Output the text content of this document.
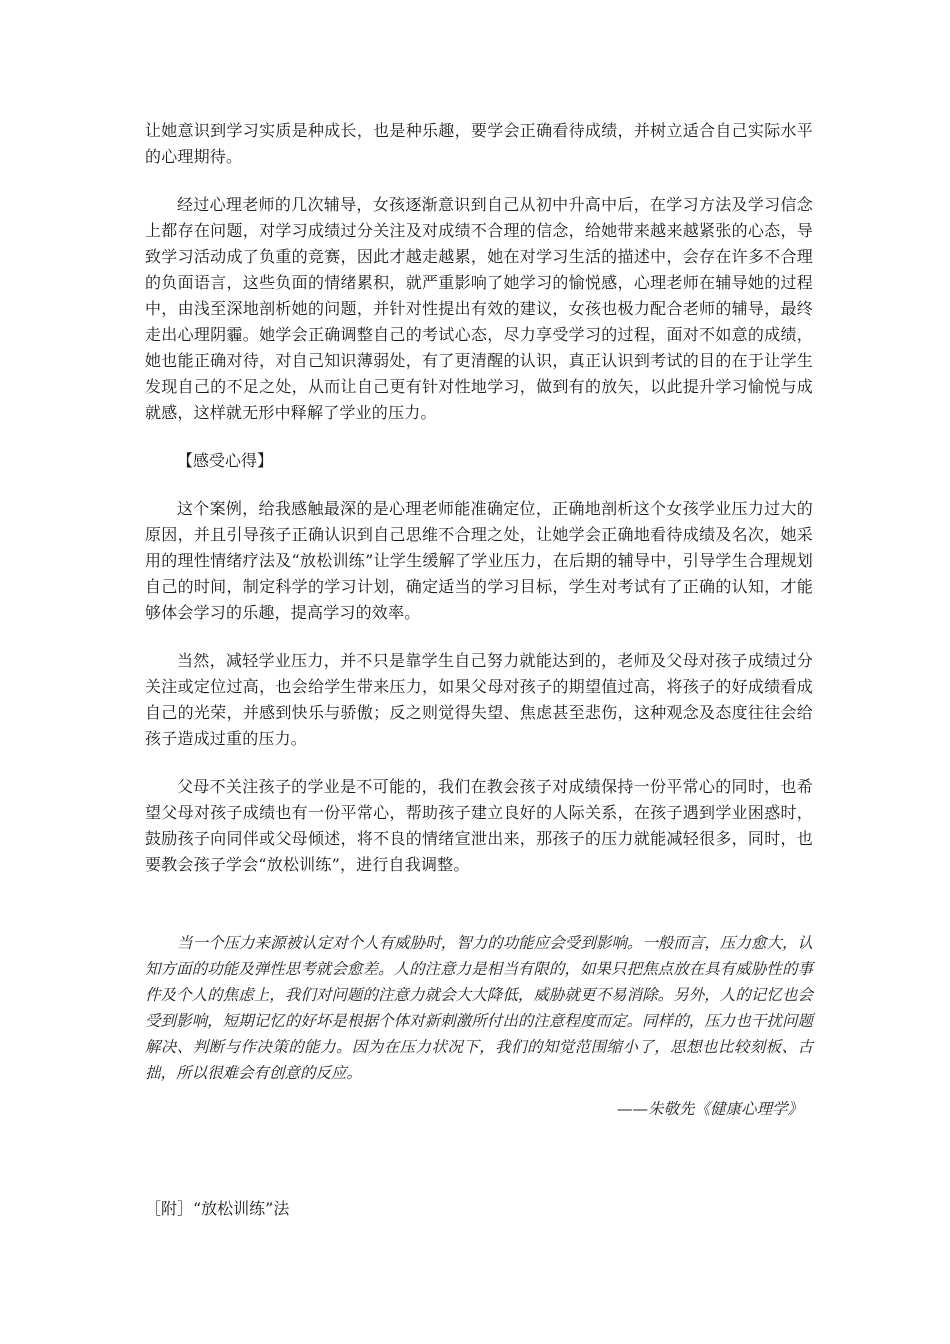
让她意识到学习实质是种成长，也是种乐趣，要学会正确看待成绩，并树立适合自己实际水平的心理期待。

经过心理老师的几次辅导，女孩逐渐意识到自己从初中升高中后，在学习方法及学习信念上都存在问题，对学习成绩过分关注及对成绩不合理的信念，给她带来越来越紧张的心态，导致学习活动成了负重的竞赛，因此才越走越累，她在对学习生活的描述中，会存在许多不合理的负面语言，这些负面的情绪累积，就严重影响了她学习的愉悦感，心理老师在辅导她的过程中，由浅至深地剖析她的问题，并针对性提出有效的建议，女孩也极力配合老师的辅导，最终走出心理阴霾。她学会正确调整自己的考试心态，尽力享受学习的过程，面对不如意的成绩，她也能正确对待，对自己知识薄弱处，有了更清醒的认识，真正认识到考试的目的在于让学生发现自己的不足之处，从而让自己更有针对性地学习，做到有的放矢，以此提升学习愉悦与成就感，这样就无形中释解了学业的压力。

【感受心得】

这个案例，给我感触最深的是心理老师能准确定位，正确地剖析这个女孩学业压力过大的原因，并且引导孩子正确认识到自己思维不合理之处，让她学会正确地看待成绩及名次，她采用的理性情绪疗法及“放松训练”让学生缓解了学业压力，在后期的辅导中，引导学生合理规划自己的时间，制定科学的学习计划，确定适当的学习目标，学生对考试有了正确的认知，才能够体会学习的乐趣，提高学习的效率。

当然，减轻学业压力，并不只是靠学生自己努力就能达到的，老师及父母对孩子成绩过分关注或定位过高，也会给学生带来压力，如果父母对孩子的期望值过高，将孩子的好成绩看成自己的光荣，并感到快乐与骄傲；反之则觉得失望、焦虑甚至悲伤，这种观念及态度往往会给孩子造成过重的压力。

父母不关注孩子的学业是不可能的，我们在教会孩子对成绩保持一份平常心的同时，也希望父母对孩子成绩也有一份平常心，帮助孩子建立良好的人际关系，在孩子遇到学业困惑时，鼓励孩子向同伴或父母倾述，将不良的情绪宣泄出来，那孩子的压力就能减轻很多，同时，也要教会孩子学会“放松训练”，进行自我调整。

当一个压力来源被认定对个人有威胁时，智力的功能应会受到影响。一般而言，压力愈大，认知方面的功能及弹性思考就会愈差。人的注意力是相当有限的，如果只把焦点放在具有威胁性的事件及个人的焦虑上，我们对问题的注意力就会大大降低，威胁就更不易消除。另外，人的记忆也会受到影响，短期记忆的好坏是根据个体对新刺激所付出的注意程度而定。同样的，压力也干扰问题解决、判断与作决策的能力。因为在压力状况下，我们的知觉范围缩小了，思想也比较刻板、古拙，所以很难会有创意的反应。

——朱敬先《健康心理学》

［附］“放松训练”法
